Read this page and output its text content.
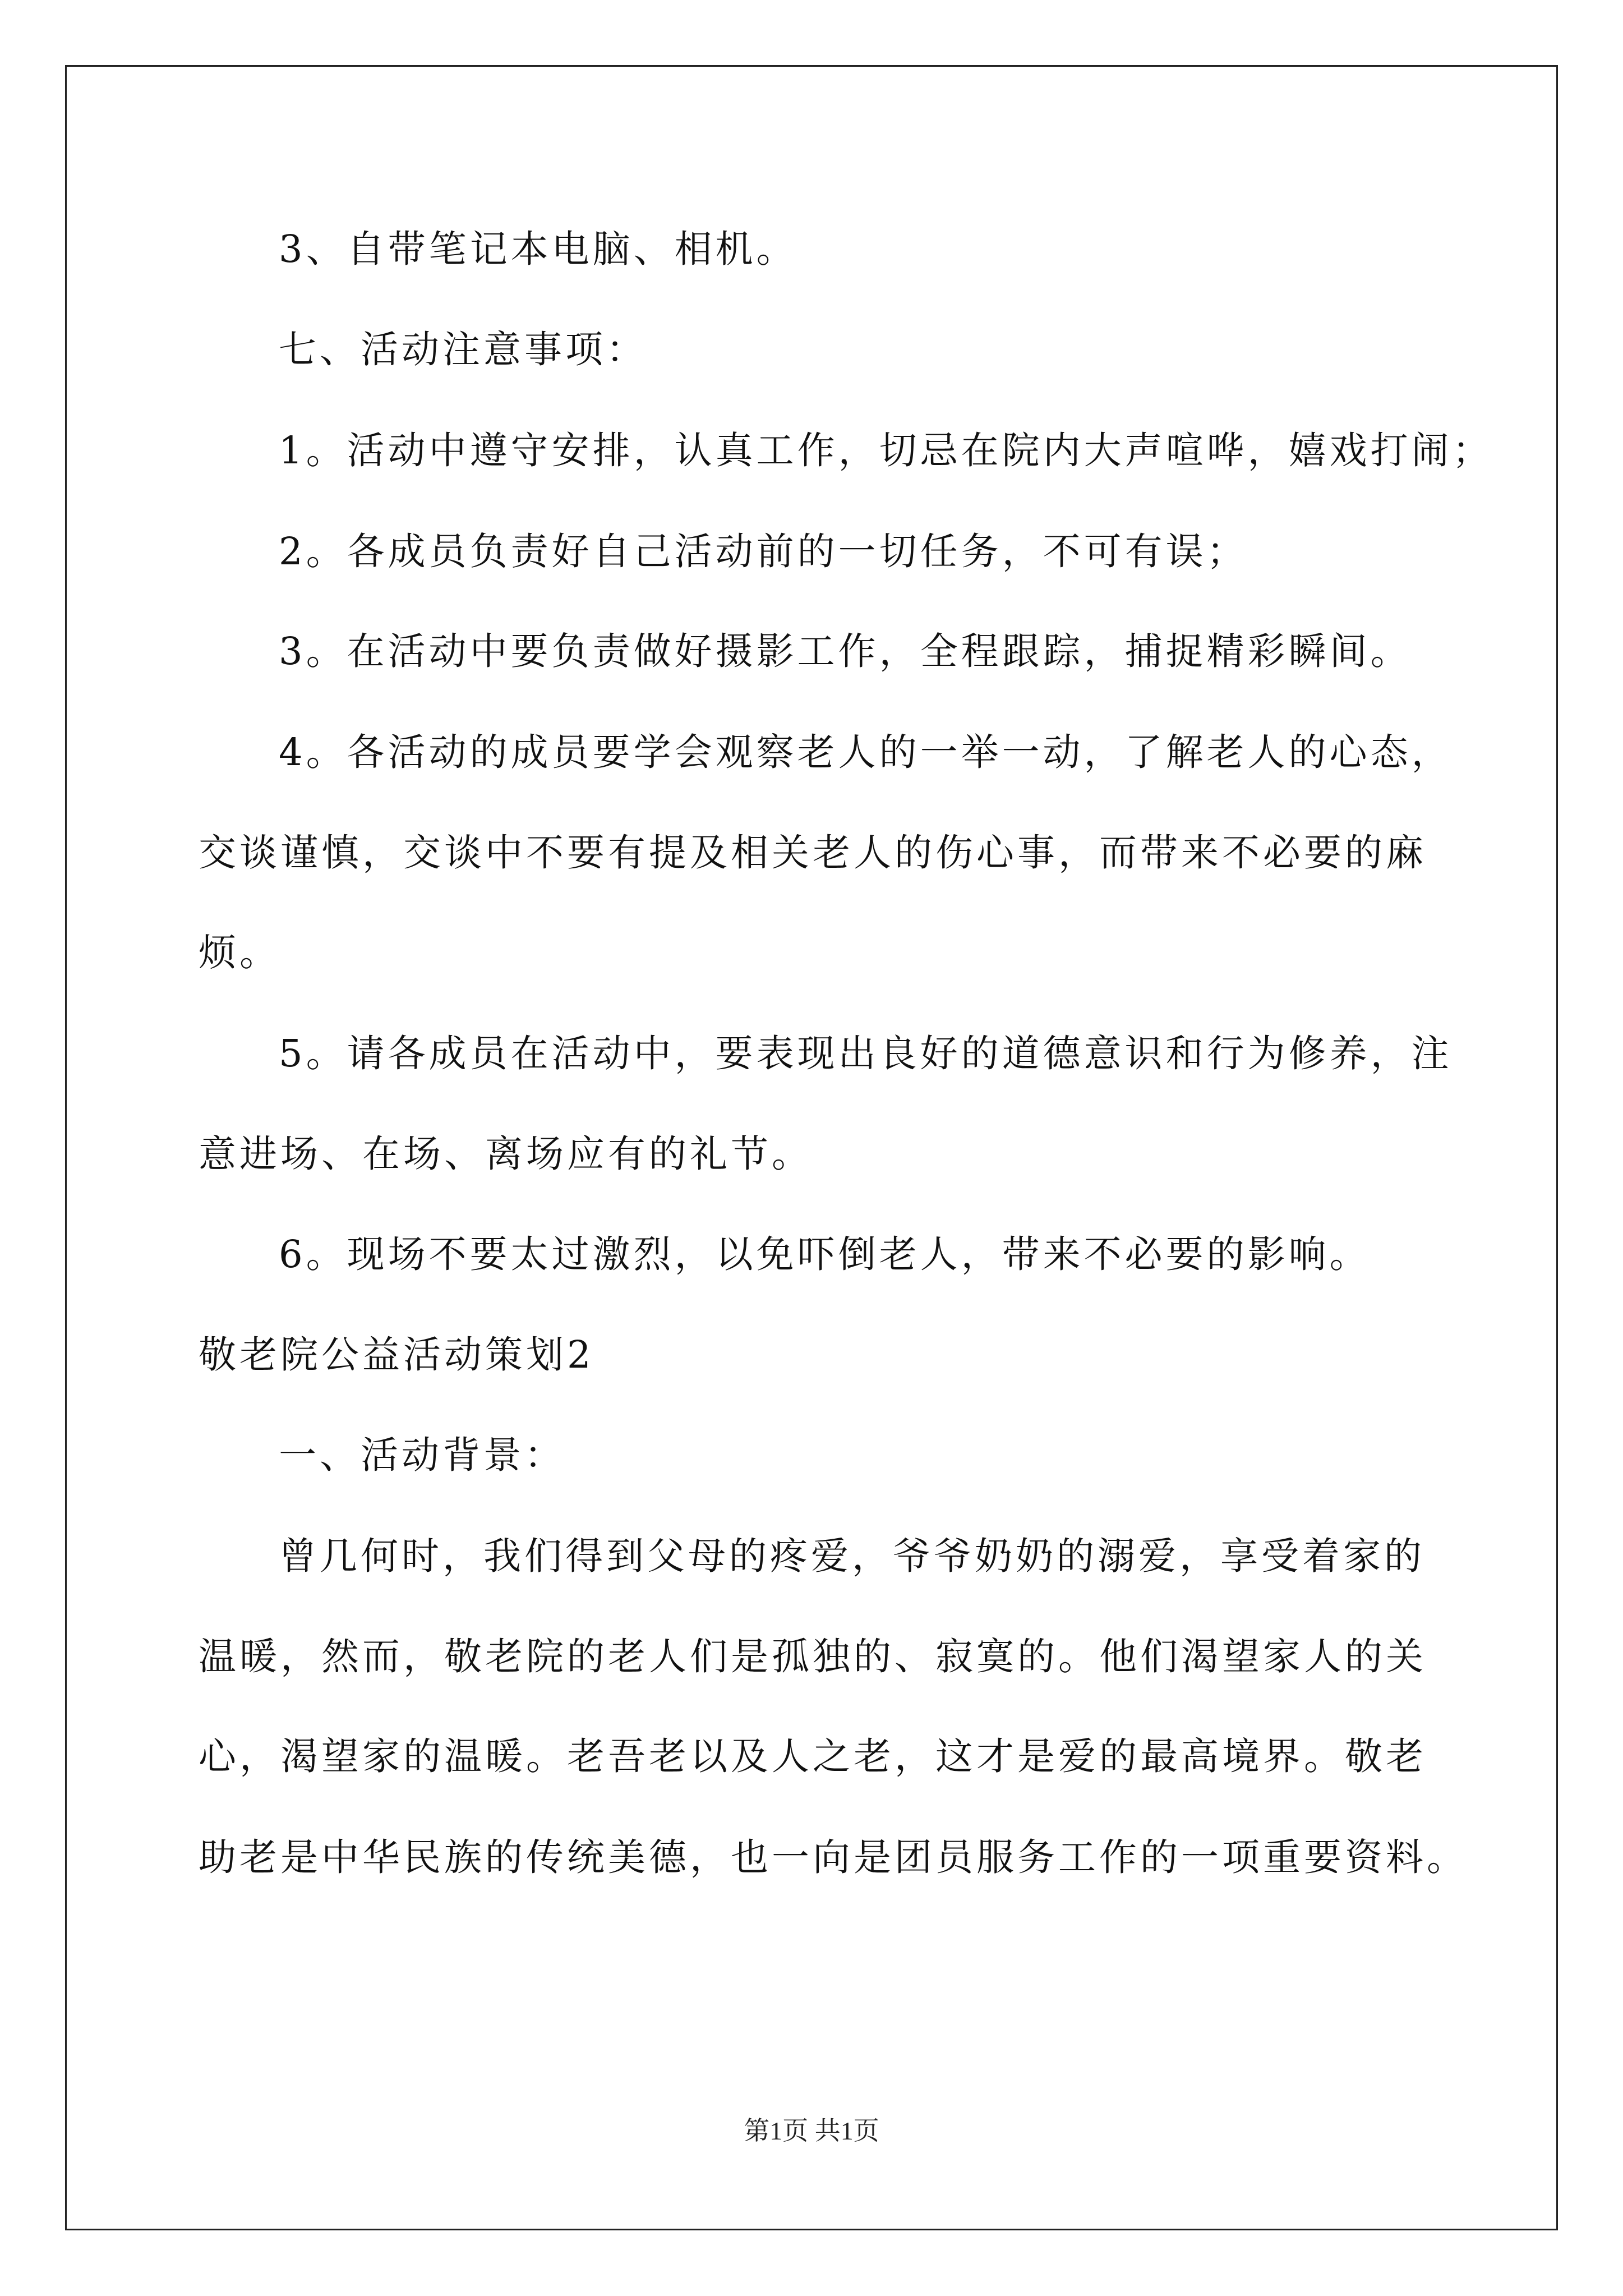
3、自带笔记本电脑、相机。
七、活动注意事项：
1。活动中遵守安排，认真工作，切忌在院内大声喧哗，嬉戏打闹；
2。各成员负责好自己活动前的一切任务，不可有误；
3。在活动中要负责做好摄影工作，全程跟踪，捕捉精彩瞬间。
4。各活动的成员要学会观察老人的一举一动，了解老人的心态，
交谈谨慎，交谈中不要有提及相关老人的伤心事，而带来不必要的麻
烦。
5。请各成员在活动中，要表现出良好的道德意识和行为修养，注
意进场、在场、离场应有的礼节。
6。现场不要太过激烈，以免吓倒老人，带来不必要的影响。
敬老院公益活动策划2
一、活动背景：
曾几何时，我们得到父母的疼爱，爷爷奶奶的溺爱，享受着家的
温暖，然而，敬老院的老人们是孤独的、寂寞的。他们渴望家人的关
心，渴望家的温暖。老吾老以及人之老，这才是爱的最高境界。敬老
助老是中华民族的传统美德，也一向是团员服务工作的一项重要资料。
第1页 共1页
